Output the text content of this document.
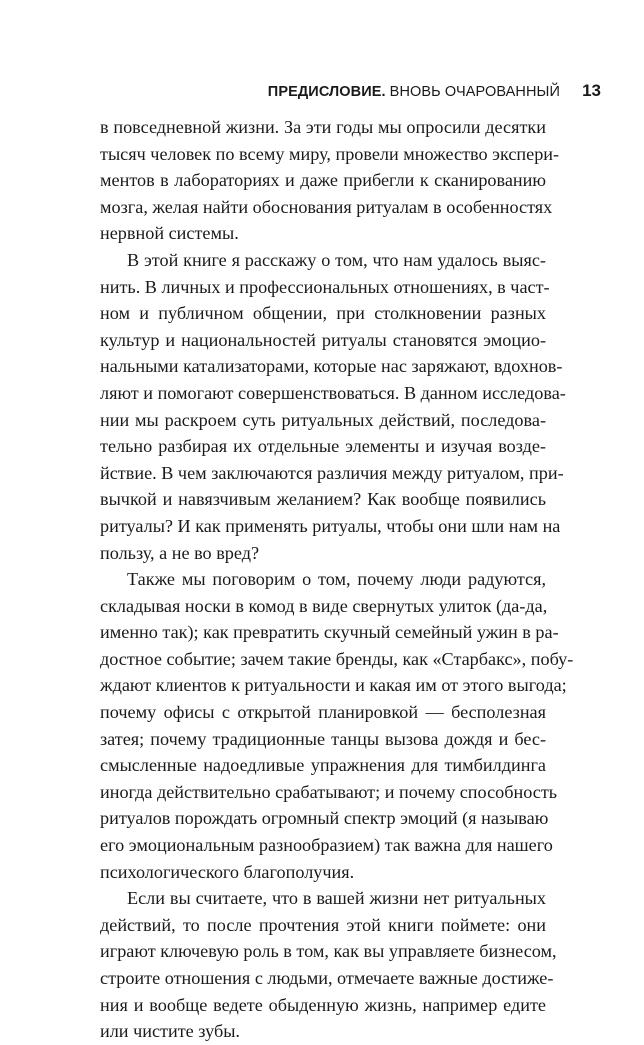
ПРЕДИСЛОВИЕ. ВНОВЬ ОЧАРОВАННЫЙ 13

в повседневной жизни. За эти годы мы опросили десятки
тысяч человек по всему миру, провели множество экспери-
ментов в лабораториях и даже прибегли к сканированию
мозга, желая найти обоснования ритуалам в особенностях
нервной системы.

В этой книге я расскажу о том, что нам удалось выяс-
нить. В личных и профессиональных отношениях, в част-
ном и публичном общении, при столкновении разных
культур и национальностей ритуалы становятся эмоцио-
нальными катализаторами, которые нас заряжают, вдохнов-
ляют и помогают совершенствоваться. В данном исследова-
нии мы раскроем суть ритуальных действий, последова-
тельно разбирая их отдельные элементы и изучая возде-
йствие. В чем заключаются различия между ритуалом, при-
вычкой и навязчивым желанием? Как вообще появились
ритуалы? И как применять ритуалы, чтобы они шли нам на
пользу, а не во вред?

Также мы поговорим о том, почему люди радуются,
складывая носки в комод в виде свернутых улиток (да-да,
именно так); как превратить скучный семейный ужин в ра-
достное событие; зачем такие бренды, как «Старбакс», побу-
ждают клиентов к ритуальности и какая им от этого выгода;
почему офисы с открытой планировкой — бесполезная
затея; почему традиционные танцы вызова дождя и бес-
смысленные надоедливые упражнения для тимбилдинга
иногда действительно срабатывают; и почему способность
ритуалов порождать огромный спектр эмоций (я называю
его эмоциональным разнообразием) так важна для нашего
психологического благополучия.

Если вы считаете, что в вашей жизни нет ритуальных
действий, то после прочтения этой книги поймете: они
играют ключевую роль в том, как вы управляете бизнесом,
строите отношения с людьми, отмечаете важные достиже-
ния и вообще ведете обыденную жизнь, например едите
или чистите зубы.
